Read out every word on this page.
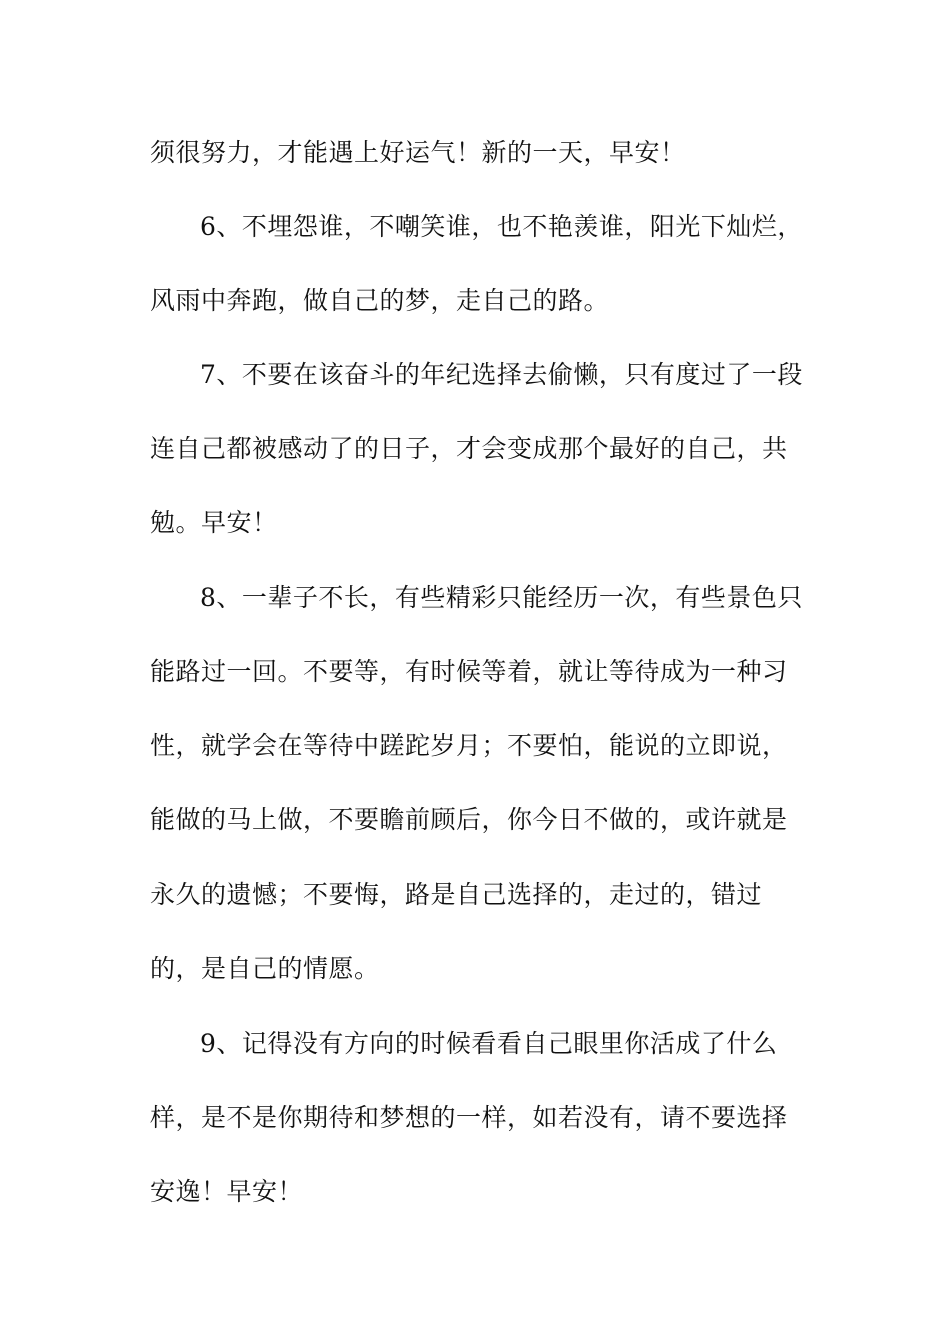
须很努力，才能遇上好运气！新的一天，早安！
6、不埋怨谁，不嘲笑谁，也不艳羡谁，阳光下灿烂，
风雨中奔跑，做自己的梦，走自己的路。
7、不要在该奋斗的年纪选择去偷懒，只有度过了一段
连自己都被感动了的日子，才会变成那个最好的自己，共
勉。早安！
8、一辈子不长，有些精彩只能经历一次，有些景色只
能路过一回。不要等，有时候等着，就让等待成为一种习
性，就学会在等待中蹉跎岁月；不要怕，能说的立即说，
能做的马上做，不要瞻前顾后，你今日不做的，或许就是
永久的遗憾；不要悔，路是自己选择的，走过的，错过
的，是自己的情愿。
9、记得没有方向的时候看看自己眼里你活成了什么
样，是不是你期待和梦想的一样，如若没有，请不要选择
安逸！早安！
